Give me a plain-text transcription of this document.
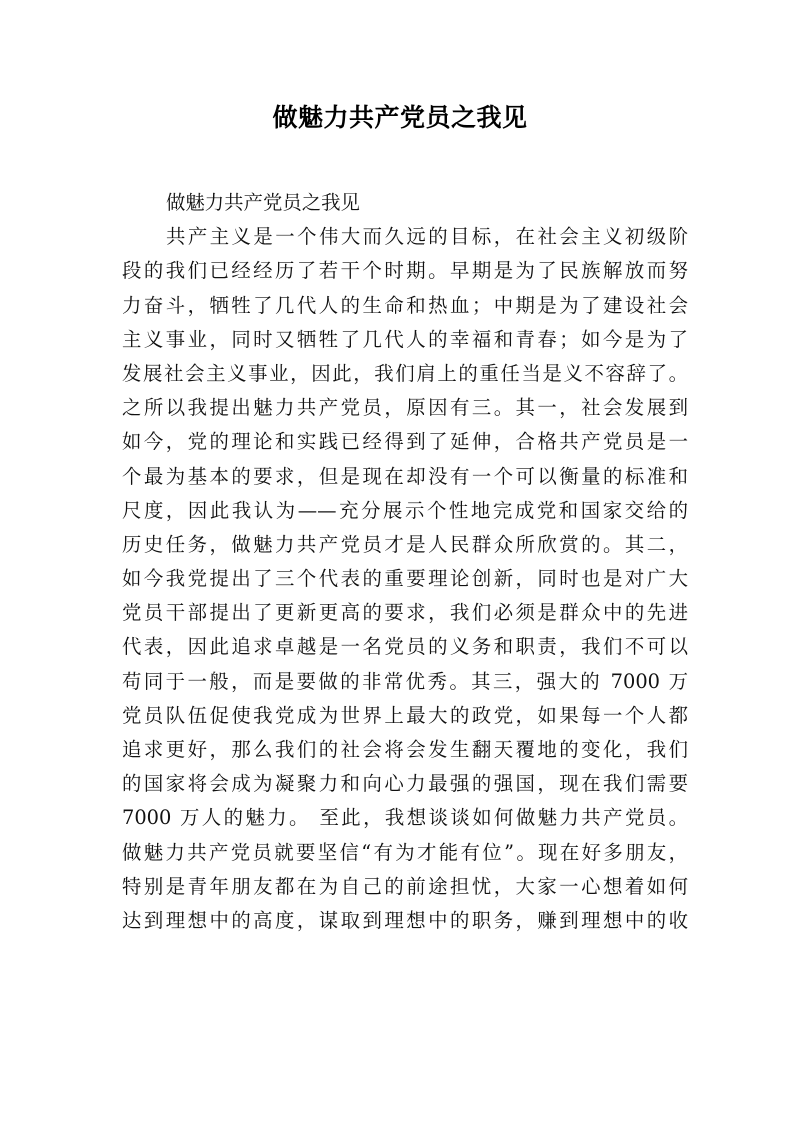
做魅力共产党员之我见
做魅力共产党员之我见
共产主义是一个伟大而久远的目标，在社会主义初级阶
段的我们已经经历了若干个时期。早期是为了民族解放而努
力奋斗，牺牲了几代人的生命和热血；中期是为了建设社会
主义事业，同时又牺牲了几代人的幸福和青春；如今是为了
发展社会主义事业，因此，我们肩上的重任当是义不容辞了。
之所以我提出魅力共产党员，原因有三。其一，社会发展到
如今，党的理论和实践已经得到了延伸，合格共产党员是一
个最为基本的要求，但是现在却没有一个可以衡量的标准和
尺度，因此我认为——充分展示个性地完成党和国家交给的
历史任务，做魅力共产党员才是人民群众所欣赏的。其二，
如今我党提出了三个代表的重要理论创新，同时也是对广大
党员干部提出了更新更高的要求，我们必须是群众中的先进
代表，因此追求卓越是一名党员的义务和职责，我们不可以
苟同于一般，而是要做的非常优秀。其三，强大的 7000 万
党员队伍促使我党成为世界上最大的政党，如果每一个人都
追求更好，那么我们的社会将会发生翻天覆地的变化，我们
的国家将会成为凝聚力和向心力最强的强国，现在我们需要
7000 万人的魅力。 至此，我想谈谈如何做魅力共产党员。
做魅力共产党员就要坚信“有为才能有位”。现在好多朋友，
特别是青年朋友都在为自己的前途担忧，大家一心想着如何
达到理想中的高度，谋取到理想中的职务，赚到理想中的收
